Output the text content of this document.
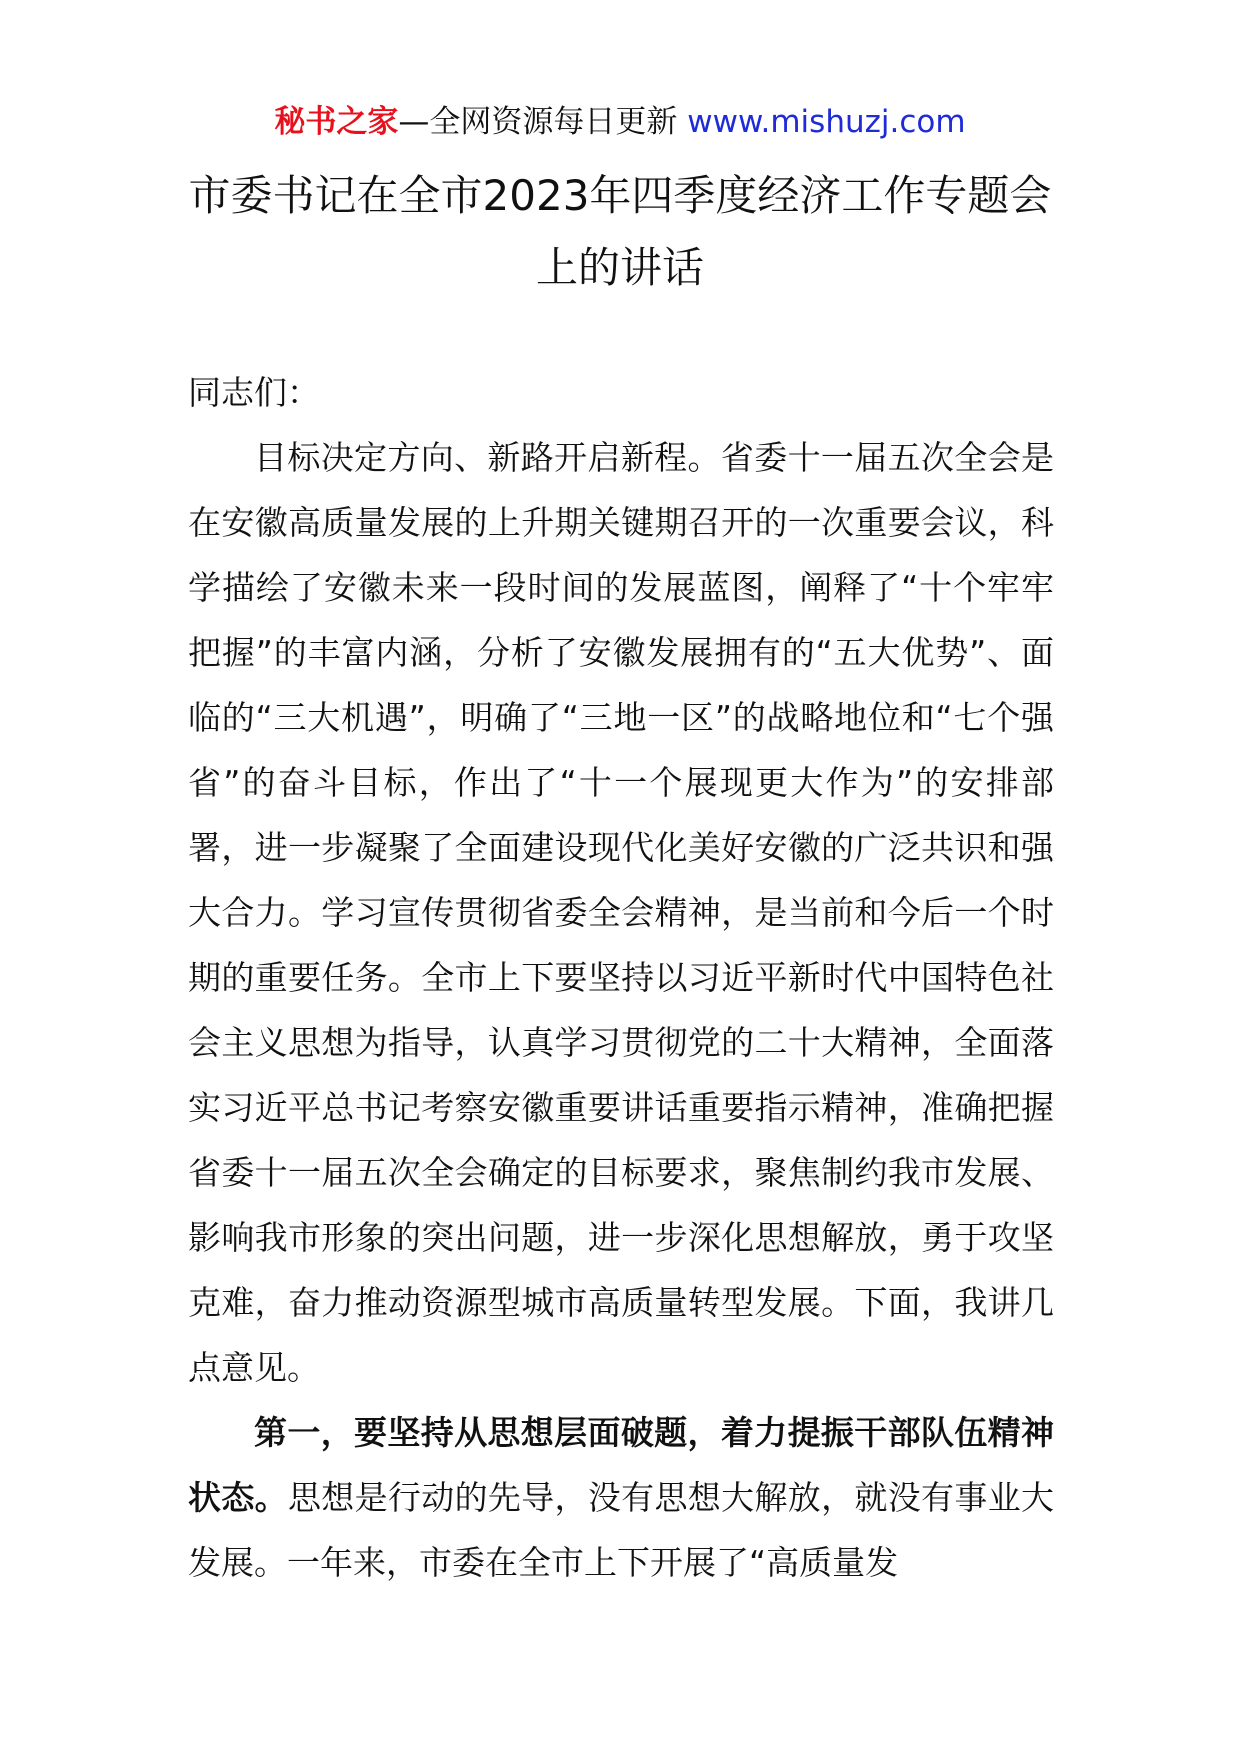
秘书之家—全网资源每日更新 www.mishuzj.com
市委书记在全市2023年四季度经济工作专题会
上的讲话

同志们：

目标决定方向、新路开启新程。省委十一届五次全会是在安徽高质量发展的上升期关键期召开的一次重要会议，科学描绘了安徽未来一段时间的发展蓝图，阐释了“十个牢牢把握”的丰富内涵，分析了安徽发展拥有的“五大优势”、面临的“三大机遇”，明确了“三地一区”的战略地位和“七个强省”的奋斗目标，作出了“十一个展现更大作为”的安排部署，进一步凝聚了全面建设现代化美好安徽的广泛共识和强大合力。学习宣传贯彻省委全会精神，是当前和今后一个时期的重要任务。全市上下要坚持以习近平新时代中国特色社会主义思想为指导，认真学习贯彻党的二十大精神，全面落实习近平总书记考察安徽重要讲话重要指示精神，准确把握省委十一届五次全会确定的目标要求，聚焦制约我市发展、影响我市形象的突出问题，进一步深化思想解放，勇于攻坚克难，奋力推动资源型城市高质量转型发展。下面，我讲几点意见。

第一，要坚持从思想层面破题，着力提振干部队伍精神状态。思想是行动的先导，没有思想大解放，就没有事业大发展。一年来，市委在全市上下开展了“高质量发
